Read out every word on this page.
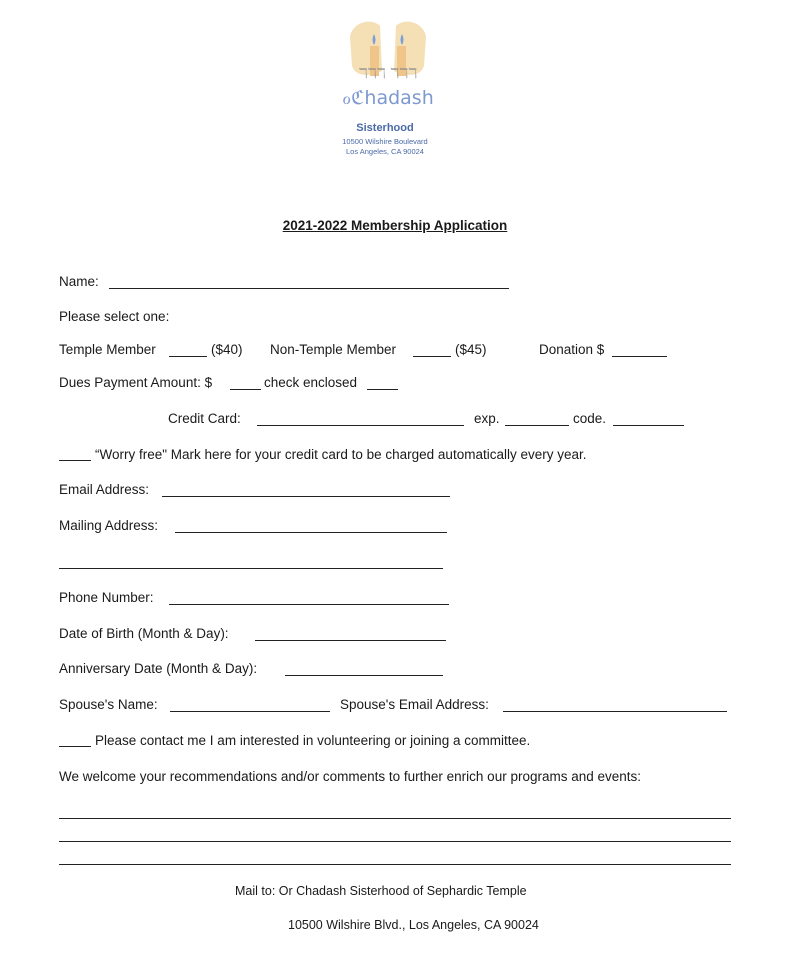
ℸℸℸ ℸℸℸ
ℴℭhadash
Sisterhood
10500 Wilshire Boulevard
Los Angeles, CA 90024
2021-2022 Membership Application
Name:
Please select one:
Temple Member	($40) Non-Temple Member	($45)	Donation $
Dues Payment Amount: $	check enclosed
Credit Card:	exp.	code.
“Worry free" Mark here for your credit card to be charged automatically every year.
Email Address:
Mailing Address:
Phone Number:
Date of Birth (Month & Day):
Anniversary Date (Month & Day):
Spouse's Name:	Spouse's Email Address:
Please contact me I am interested in volunteering or joining a committee.
We welcome your recommendations and/or comments to further enrich our programs and events:
Mail to: Or Chadash Sisterhood of Sephardic Temple
10500 Wilshire Blvd., Los Angeles, CA 90024
